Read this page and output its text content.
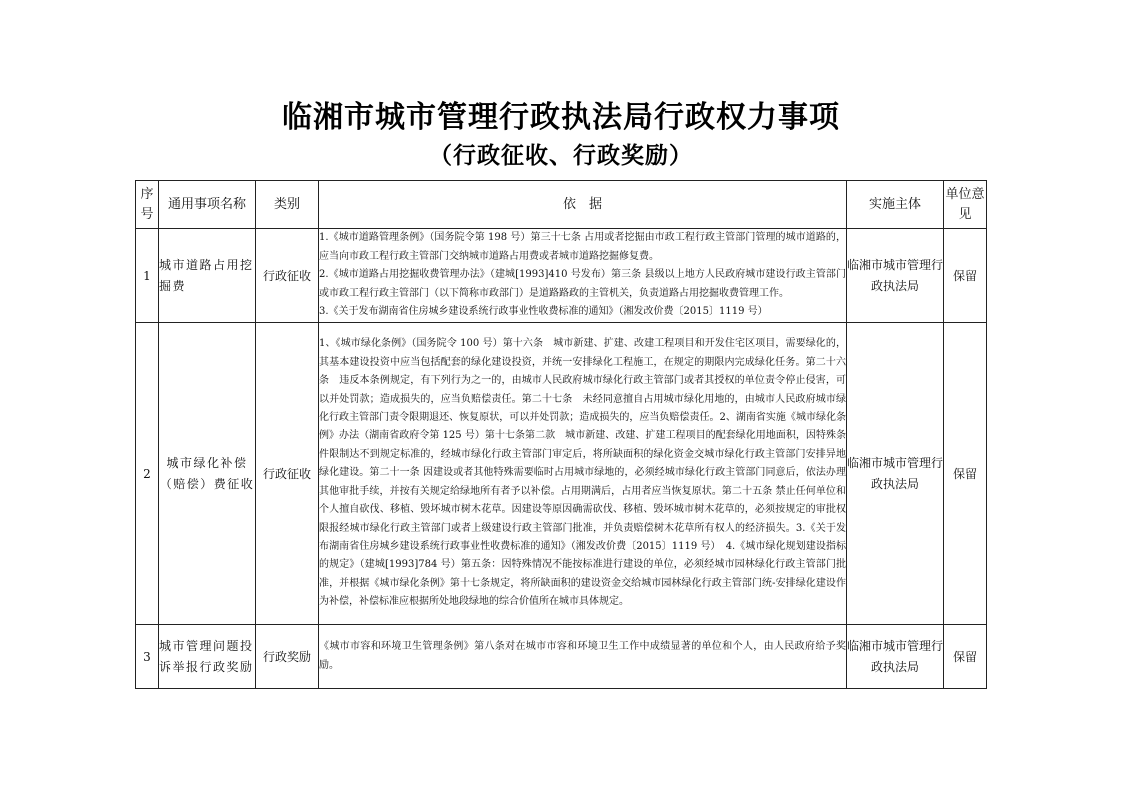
临湘市城市管理行政执法局行政权力事项
（行政征收、行政奖励）
序号	通用事项名称	类别	依　据	实施主体	单位意见
1	城市道路占用挖掘费	行政征收	1.《城市道路管理条例》（国务院令第 198 号）第三十七条 占用或者挖掘由市政工程行政主管部门管理的城市道路的，应当向市政工程行政主管部门交纳城市道路占用费或者城市道路挖掘修复费。
2.《城市道路占用挖掘收费管理办法》（建城[1993]410 号发布）第三条 县级以上地方人民政府城市建设行政主管部门或市政工程行政主管部门（以下简称市政部门）是道路路政的主管机关，负责道路占用挖掘收费管理工作。
3.《关于发布湖南省住房城乡建设系统行政事业性收费标准的通知》（湘发改价费〔2015〕1119 号）	临湘市城市管理行政执法局	保留
2	城市绿化补偿（赔偿）费征收	行政征收	1、《城市绿化条例》（国务院令 100 号）第十六条　城市新建、扩建、改建工程项目和开发住宅区项目，需要绿化的，其基本建设投资中应当包括配套的绿化建设投资，并统一安排绿化工程施工，在规定的期限内完成绿化任务。第二十六条　违反本条例规定，有下列行为之一的，由城市人民政府城市绿化行政主管部门或者其授权的单位责令停止侵害，可以并处罚款；造成损失的，应当负赔偿责任。第二十七条　未经同意擅自占用城市绿化用地的，由城市人民政府城市绿化行政主管部门责令限期退还、恢复原状，可以并处罚款；造成损失的，应当负赔偿责任。2、湖南省实施《城市绿化条例》办法（湖南省政府令第 125 号）第十七条第二款　城市新建、改建、扩建工程项目的配套绿化用地面积，因特殊条件限制达不到规定标准的，经城市绿化行政主管部门审定后，将所缺面积的绿化资金交城市绿化行政主管部门安排异地绿化建设。第二十一条 因建设或者其他特殊需要临时占用城市绿地的，必须经城市绿化行政主管部门同意后，依法办理其他审批手续，并按有关规定给绿地所有者予以补偿。占用期满后，占用者应当恢复原状。第二十五条 禁止任何单位和个人擅自砍伐、移植、毁坏城市树木花草。因建设等原因确需砍伐、移植、毁坏城市树木花草的，必须按规定的审批权限报经城市绿化行政主管部门或者上级建设行政主管部门批准，并负责赔偿树木花草所有权人的经济损失。3.《关于发布湖南省住房城乡建设系统行政事业性收费标准的通知》（湘发改价费〔2015〕1119 号）　4.《城市绿化规划建设指标的规定》（建城[1993]784 号）第五条：因特殊情况不能按标准进行建设的单位，必须经城市园林绿化行政主管部门批准，并根据《城市绿化条例》第十七条规定，将所缺面积的建设资金交给城市园林绿化行政主管部门统-安排绿化建设作为补偿，补偿标准应根据所处地段绿地的综合价值所在城市具体规定。	临湘市城市管理行政执法局	保留
3	城市管理问题投诉举报行政奖励	行政奖励	《城市市容和环境卫生管理条例》第八条对在城市市容和环境卫生工作中成绩显著的单位和个人，由人民政府给予奖励。	临湘市城市管理行政执法局	保留
